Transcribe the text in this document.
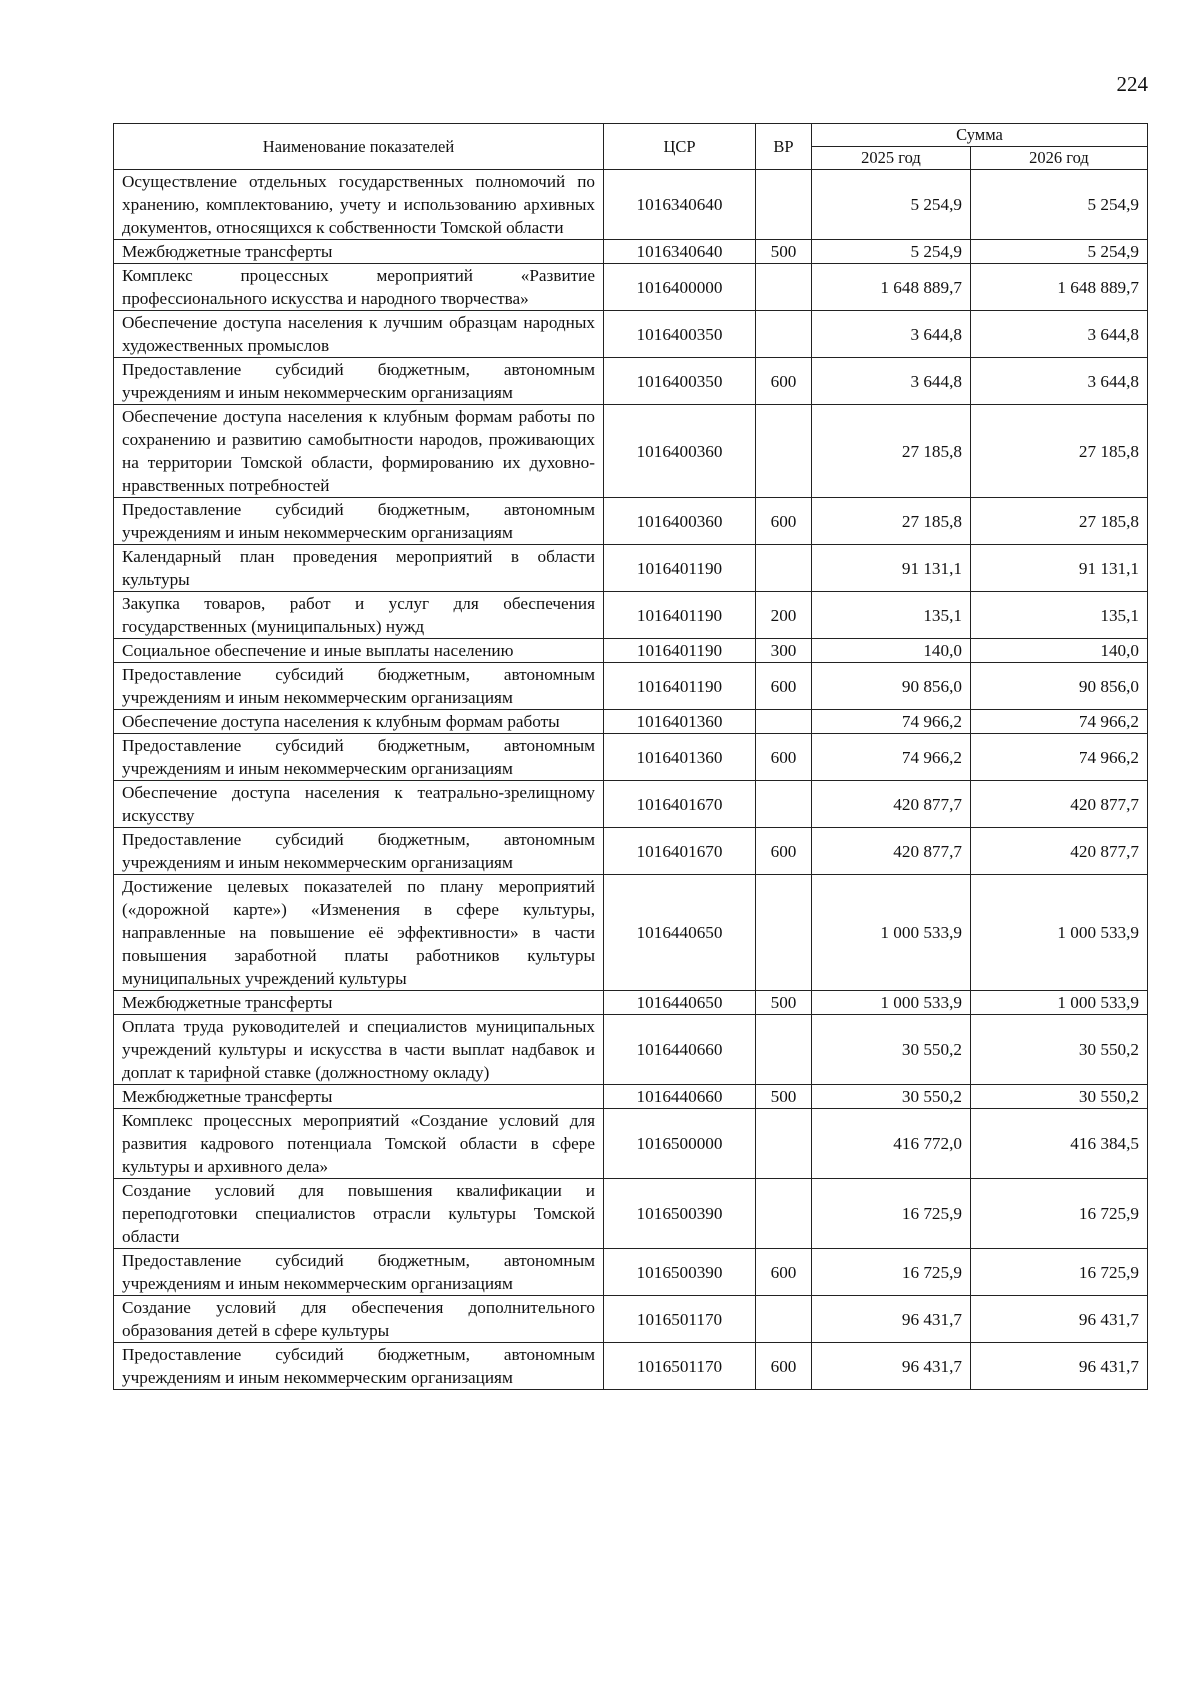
224
Наименование показателей	ЦСР	ВР	Сумма	
			2025 год	2026 год
Осуществление отдельных государственных полномочий по хранению, комплектованию, учету и использованию архивных документов, относящихся к собственности Томской области	1016340640		5 254,9	5 254,9
Межбюджетные трансферты	1016340640	500	5 254,9	5 254,9
Комплекс процессных мероприятий «Развитие профессионального искусства и народного творчества»	1016400000		1 648 889,7	1 648 889,7
Обеспечение доступа населения к лучшим образцам народных художественных промыслов	1016400350		3 644,8	3 644,8
Предоставление субсидий бюджетным, автономным учреждениям и иным некоммерческим организациям	1016400350	600	3 644,8	3 644,8
Обеспечение доступа населения к клубным формам работы по сохранению и развитию самобытности народов, проживающих на территории Томской области, формированию их духовно-нравственных потребностей	1016400360		27 185,8	27 185,8
Предоставление субсидий бюджетным, автономным учреждениям и иным некоммерческим организациям	1016400360	600	27 185,8	27 185,8
Календарный план проведения мероприятий в области культуры	1016401190		91 131,1	91 131,1
Закупка товаров, работ и услуг для обеспечения государственных (муниципальных) нужд	1016401190	200	135,1	135,1
Социальное обеспечение и иные выплаты населению	1016401190	300	140,0	140,0
Предоставление субсидий бюджетным, автономным учреждениям и иным некоммерческим организациям	1016401190	600	90 856,0	90 856,0
Обеспечение доступа населения к клубным формам работы	1016401360		74 966,2	74 966,2
Предоставление субсидий бюджетным, автономным учреждениям и иным некоммерческим организациям	1016401360	600	74 966,2	74 966,2
Обеспечение доступа населения к театрально-зрелищному искусству	1016401670		420 877,7	420 877,7
Предоставление субсидий бюджетным, автономным учреждениям и иным некоммерческим организациям	1016401670	600	420 877,7	420 877,7
Достижение целевых показателей по плану мероприятий («дорожной карте») «Изменения в сфере культуры, направленные на повышение её эффективности» в части повышения заработной платы работников культуры муниципальных учреждений культуры	1016440650		1 000 533,9	1 000 533,9
Межбюджетные трансферты	1016440650	500	1 000 533,9	1 000 533,9
Оплата труда руководителей и специалистов муниципальных учреждений культуры и искусства в части выплат надбавок и доплат к тарифной ставке (должностному окладу)	1016440660		30 550,2	30 550,2
Межбюджетные трансферты	1016440660	500	30 550,2	30 550,2
Комплекс процессных мероприятий «Создание условий для развития кадрового потенциала Томской области в сфере культуры и архивного дела»	1016500000		416 772,0	416 384,5
Создание условий для повышения квалификации и переподготовки специалистов отрасли культуры Томской области	1016500390		16 725,9	16 725,9
Предоставление субсидий бюджетным, автономным учреждениям и иным некоммерческим организациям	1016500390	600	16 725,9	16 725,9
Создание условий для обеспечения дополнительного образования детей в сфере культуры	1016501170		96 431,7	96 431,7
Предоставление субсидий бюджетным, автономным учреждениям и иным некоммерческим организациям	1016501170	600	96 431,7	96 431,7
